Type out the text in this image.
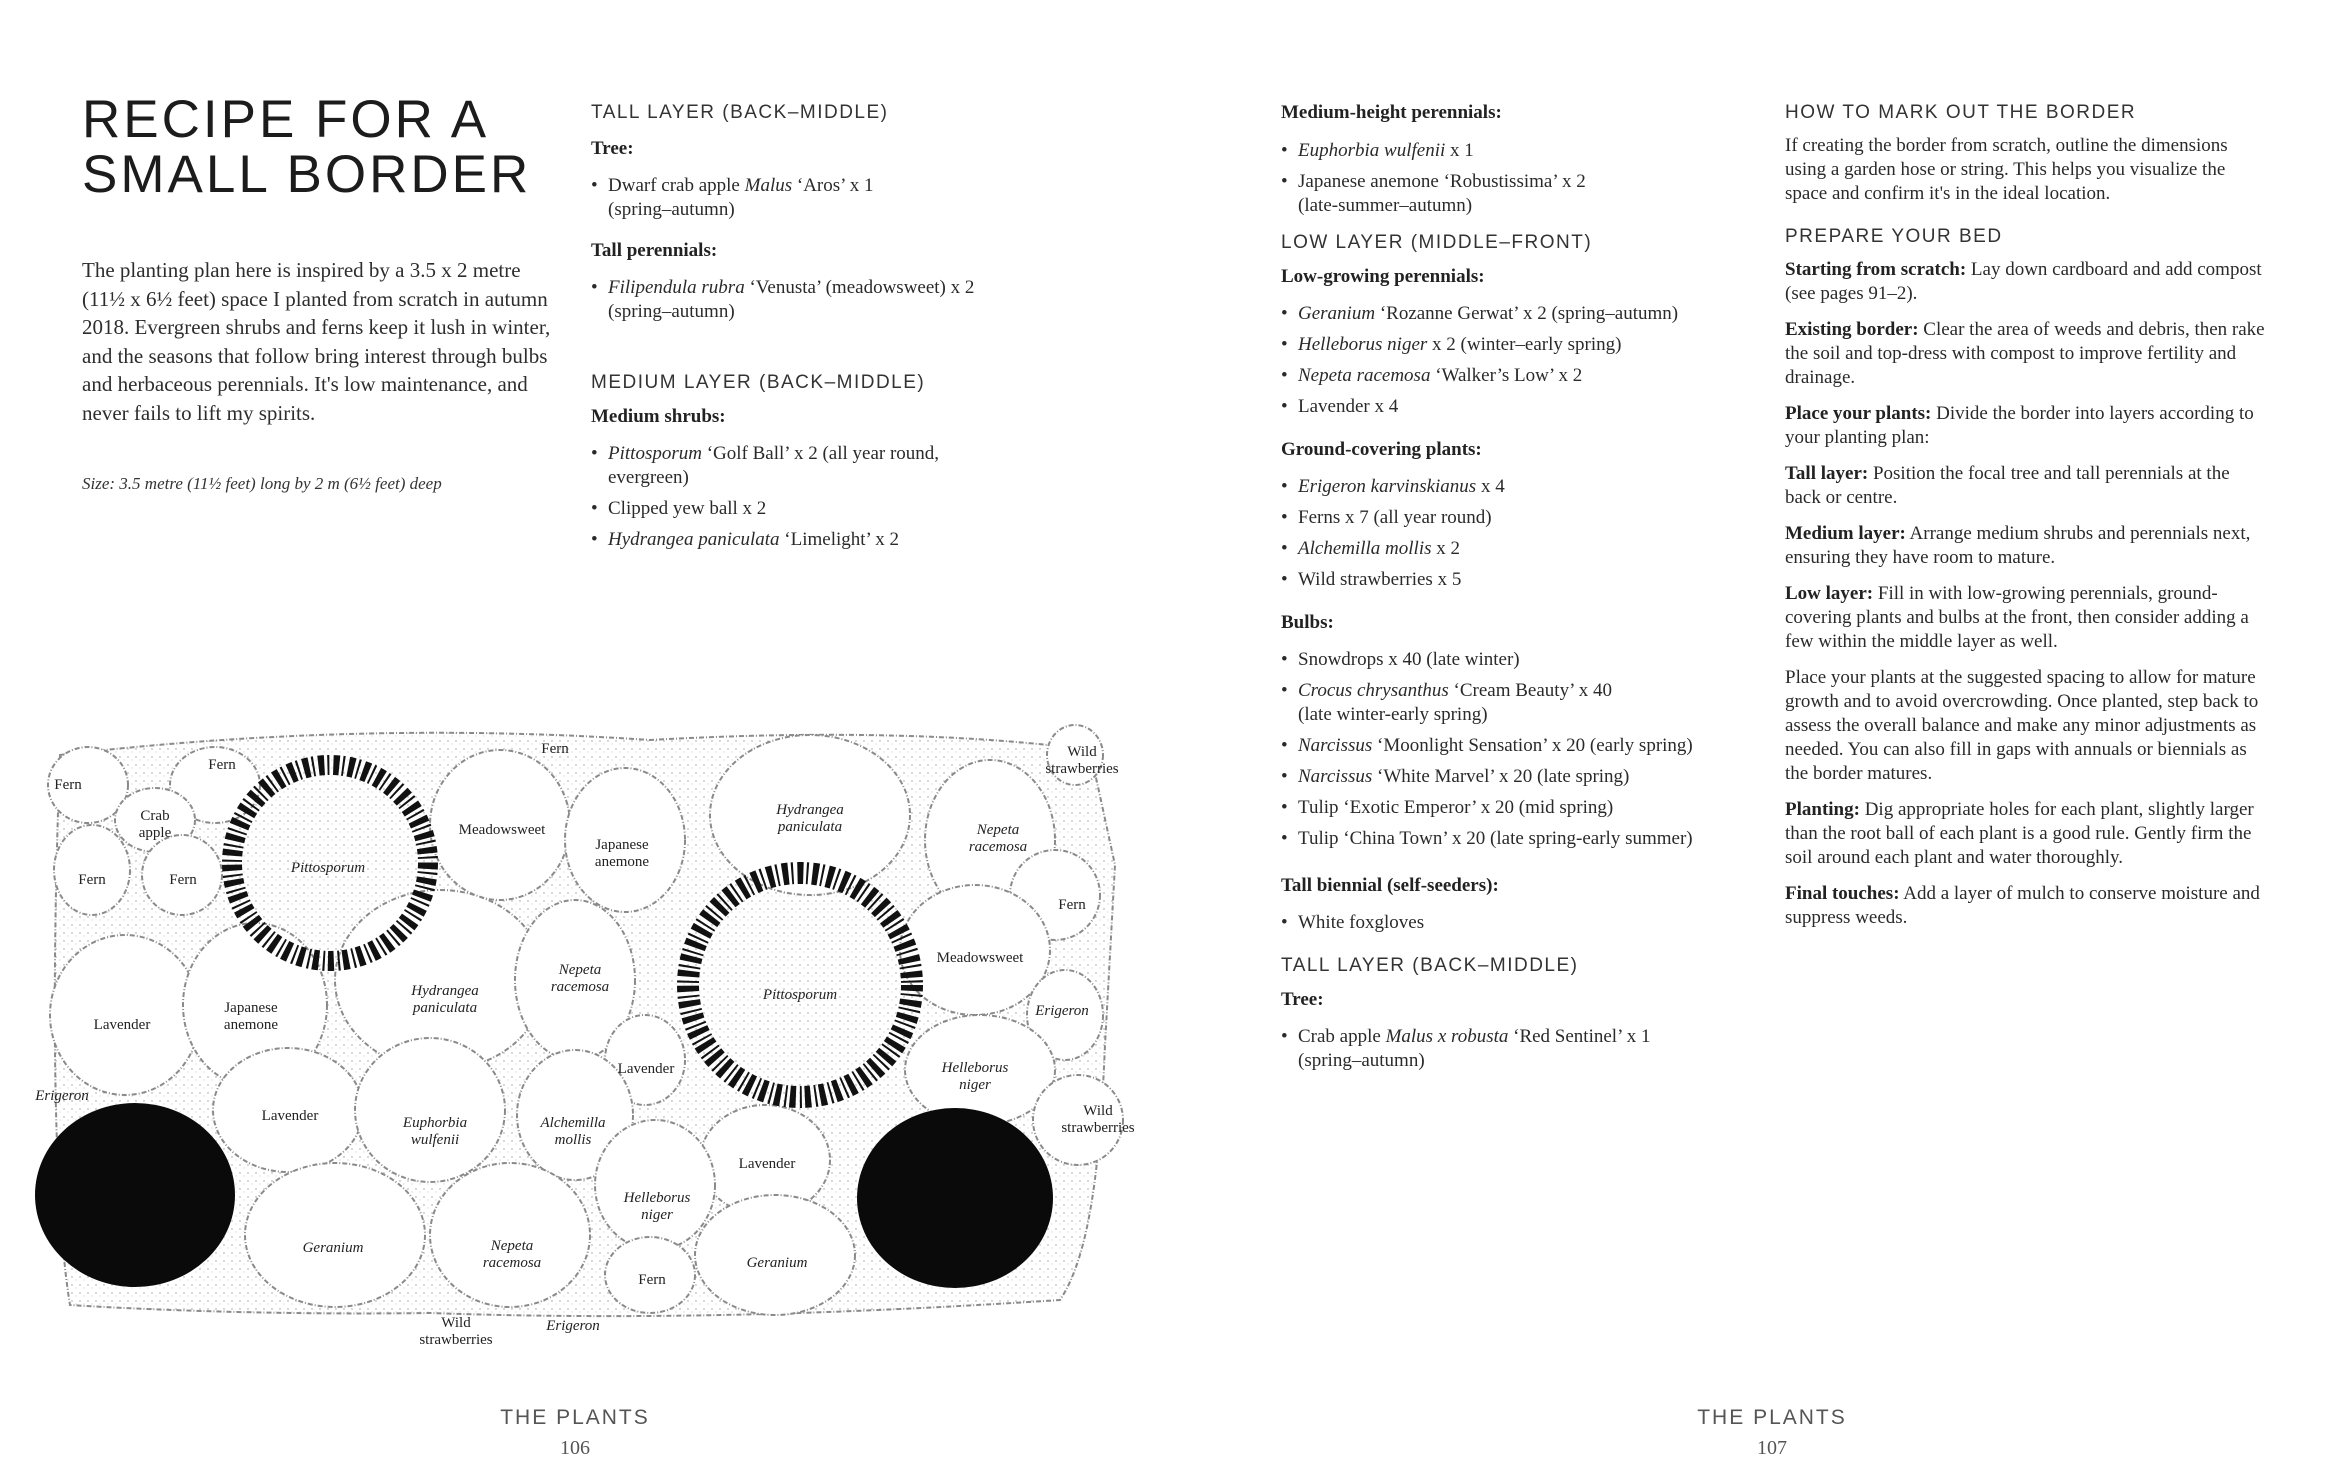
RECIPE FOR A
SMALL BORDER

The planting plan here is inspired by a 3.5 x 2 metre (11½ x 6½ feet) space I planted from scratch in autumn 2018. Evergreen shrubs and ferns keep it lush in winter, and the seasons that follow bring interest through bulbs and herbaceous perennials. It's low maintenance, and never fails to lift my spirits.

Size: 3.5 metre (11½ feet) long by 2 m (6½ feet) deep
TALL LAYER (BACK–MIDDLE)

Tree:

• Dwarf crab apple Malus ‘Aros’ x 1
(spring–autumn)

Tall perennials:

• Filipendula rubra ‘Venusta’ (meadowsweet) x 2
(spring–autumn)
MEDIUM LAYER (BACK–MIDDLE)

Medium shrubs:

• Pittosporum ‘Golf Ball’ x 2 (all year round,
evergreen)
• Clipped yew ball x 2
• Hydrangea paniculata ‘Limelight’ x 2
Fern
Fern
Fern
Crab
apple
Fern
Fern
Pittosporum
Meadowsweet
Japanese
anemone
Hydrangea
paniculata	Nepeta
racemosa
Wild
strawberries
Fern
Meadowsweet
Lavender
Japanese
anemone
Hydrangea
paniculata
Nepeta
racemosa	Pittosporum
Erigeron
Erigeron
Lavender
Helleborus
niger
Lavender
Euphorbia
wulfenii
Alchemilla
mollis
Wild
strawberries
Lavender
Helleborus
niger
Geranium	Nepeta
racemosa	Geranium
Fern
Wild
strawberries
Erigeron
THE PLANTS
106

Medium-height perennials:

• Euphorbia wulfenii x 1
• Japanese anemone ‘Robustissima’ x 2
(late-summer–autumn)
LOW LAYER (MIDDLE–FRONT)

Low-growing perennials:

• Geranium ‘Rozanne Gerwat’ x 2 (spring–autumn)
• Helleborus niger x 2 (winter–early spring)
• Nepeta racemosa ‘Walker’s Low’ x 2
• Lavender x 4

Ground-covering plants:

• Erigeron karvinskianus x 4
• Ferns x 7 (all year round)
• Alchemilla mollis x 2
• Wild strawberries x 5

Bulbs:

• Snowdrops x 40 (late winter)
• Crocus chrysanthus ‘Cream Beauty’ x 40
(late winter-early spring)
• Narcissus ‘Moonlight Sensation’ x 20 (early spring)
• Narcissus ‘White Marvel’ x 20 (late spring)
• Tulip ‘Exotic Emperor’ x 20 (mid spring)
• Tulip ‘China Town’ x 20 (late spring-early summer)

Tall biennial (self-seeders):

• White foxgloves
TALL LAYER (BACK–MIDDLE)

Tree:

• Crab apple Malus x robusta ‘Red Sentinel’ x 1
(spring–autumn)
HOW TO MARK OUT THE BORDER

If creating the border from scratch, outline the dimensions using a garden hose or string. This helps you visualize the space and confirm it's in the ideal location.

PREPARE YOUR BED

Starting from scratch: Lay down cardboard and add compost (see pages 91–2).

Existing border: Clear the area of weeds and debris, then rake the soil and top-dress with compost to improve fertility and drainage.

Place your plants: Divide the border into layers according to your planting plan:

Tall layer: Position the focal tree and tall perennials at the back or centre.

Medium layer: Arrange medium shrubs and perennials next, ensuring they have room to mature.

Low layer: Fill in with low-growing perennials, ground-covering plants and bulbs at the front, then consider adding a few within the middle layer as well.

Place your plants at the suggested spacing to allow for mature growth and to avoid overcrowding. Once planted, step back to assess the overall balance and make any minor adjustments as needed. You can also fill in gaps with annuals or biennials as the border matures.

Planting: Dig appropriate holes for each plant, slightly larger than the root ball of each plant is a good rule. Gently firm the soil around each plant and water thoroughly.

Final touches: Add a layer of mulch to conserve moisture and suppress weeds.

THE PLANTS
107
